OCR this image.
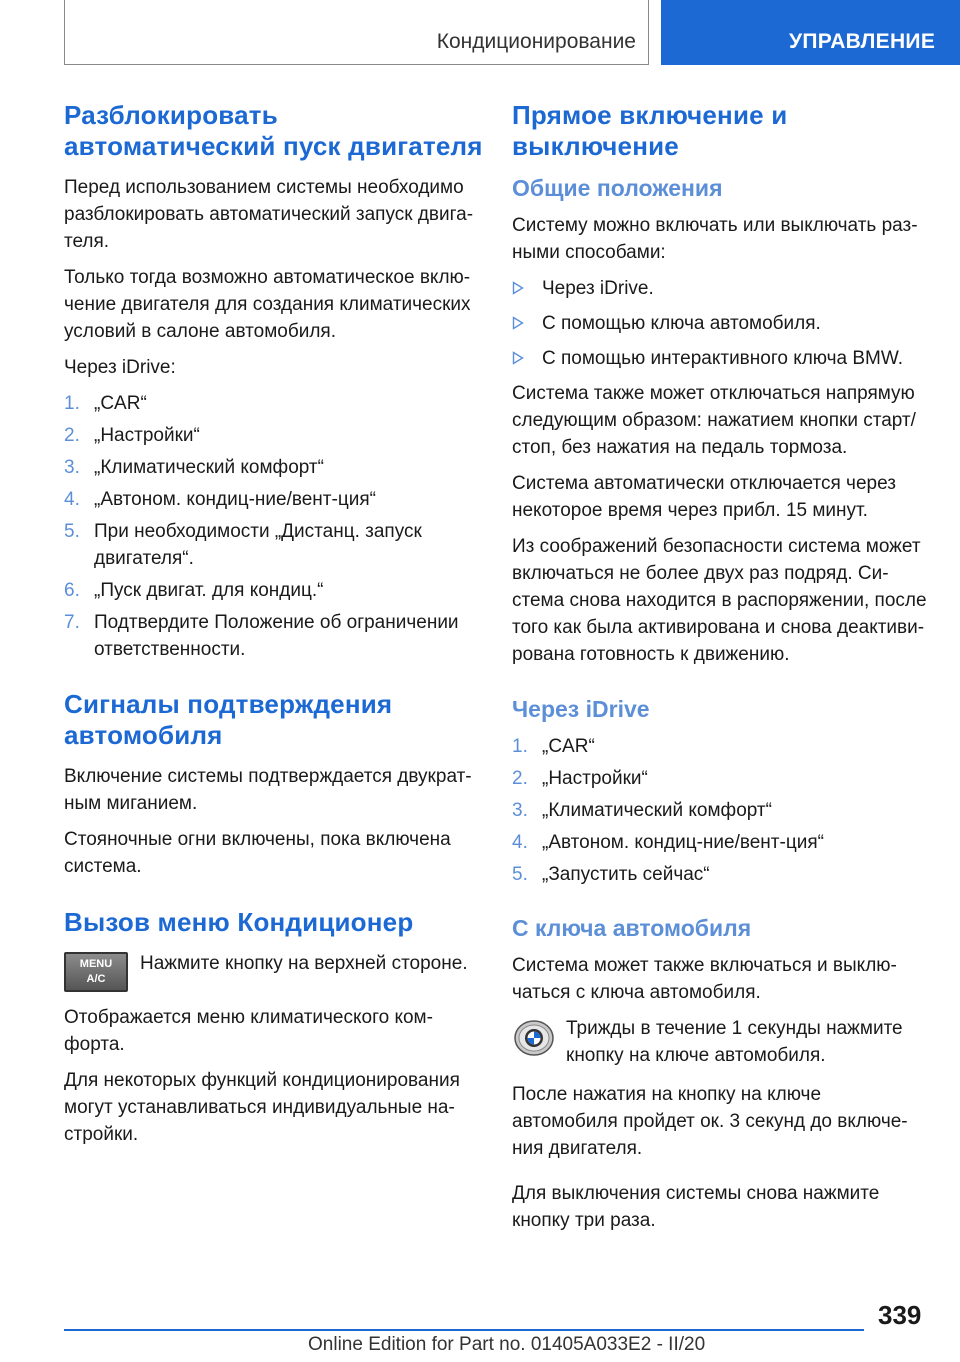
Кондиционирование	УПРАВЛЕНИЕ
Разблокировать автоматический пуск двигателя

Перед использованием системы необходимо разблокировать автоматический запуск двига-теля.

Только тогда возможно автоматическое вклю-чение двигателя для создания климатических условий в салоне автомобиля.

Через iDrive:

1. „CAR“
2. „Настройки“
3. „Климатический комфорт“
4. „Автоном. кондиц-ние/вент-ция“
5. При необходимости „Дистанц. запуск двигателя“.
6. „Пуск двигат. для кондиц.“
7. Подтвердите Положение об ограничении ответственности.
Сигналы подтверждения автомобиля

Включение системы подтверждается двукрат-ным миганием.

Стояночные огни включены, пока включена система.

Вызов меню Кондиционер
MENU
A/C
Нажмите кнопку на верхней стороне.

Отображается меню климатического ком-форта.

Для некоторых функций кондиционирования могут устанавливаться индивидуальные на-стройки.

Прямое включение и выключение
Общие положения

Систему можно включать или выключать раз-ными способами:

Через iDrive.
С помощью ключа автомобиля.
С помощью интерактивного ключа BMW.

Система также может отключаться напрямую следующим образом: нажатием кнопки старт/стоп, без нажатия на педаль тормоза.

Система автоматически отключается через некоторое время через прибл. 15 минут.

Из соображений безопасности система может включаться не более двух раз подряд. Си-стема снова находится в распоряжении, после того как была активирована и снова деактиви-рована готовность к движению.

Через iDrive
1. „CAR“
2. „Настройки“
3. „Климатический комфорт“
4. „Автоном. кондиц-ние/вент-ция“
5. „Запустить сейчас“
С ключа автомобиля

Система может также включаться и выклю-чаться с ключа автомобиля.

Трижды в течение 1 секунды нажмите кнопку на ключе автомобиля.

После нажатия на кнопку на ключе автомобиля пройдет ок. 3 секунд до включе-ния двигателя.

Для выключения системы снова нажмите кнопку три раза.

339
Online Edition for Part no. 01405A033E2 - II/20
